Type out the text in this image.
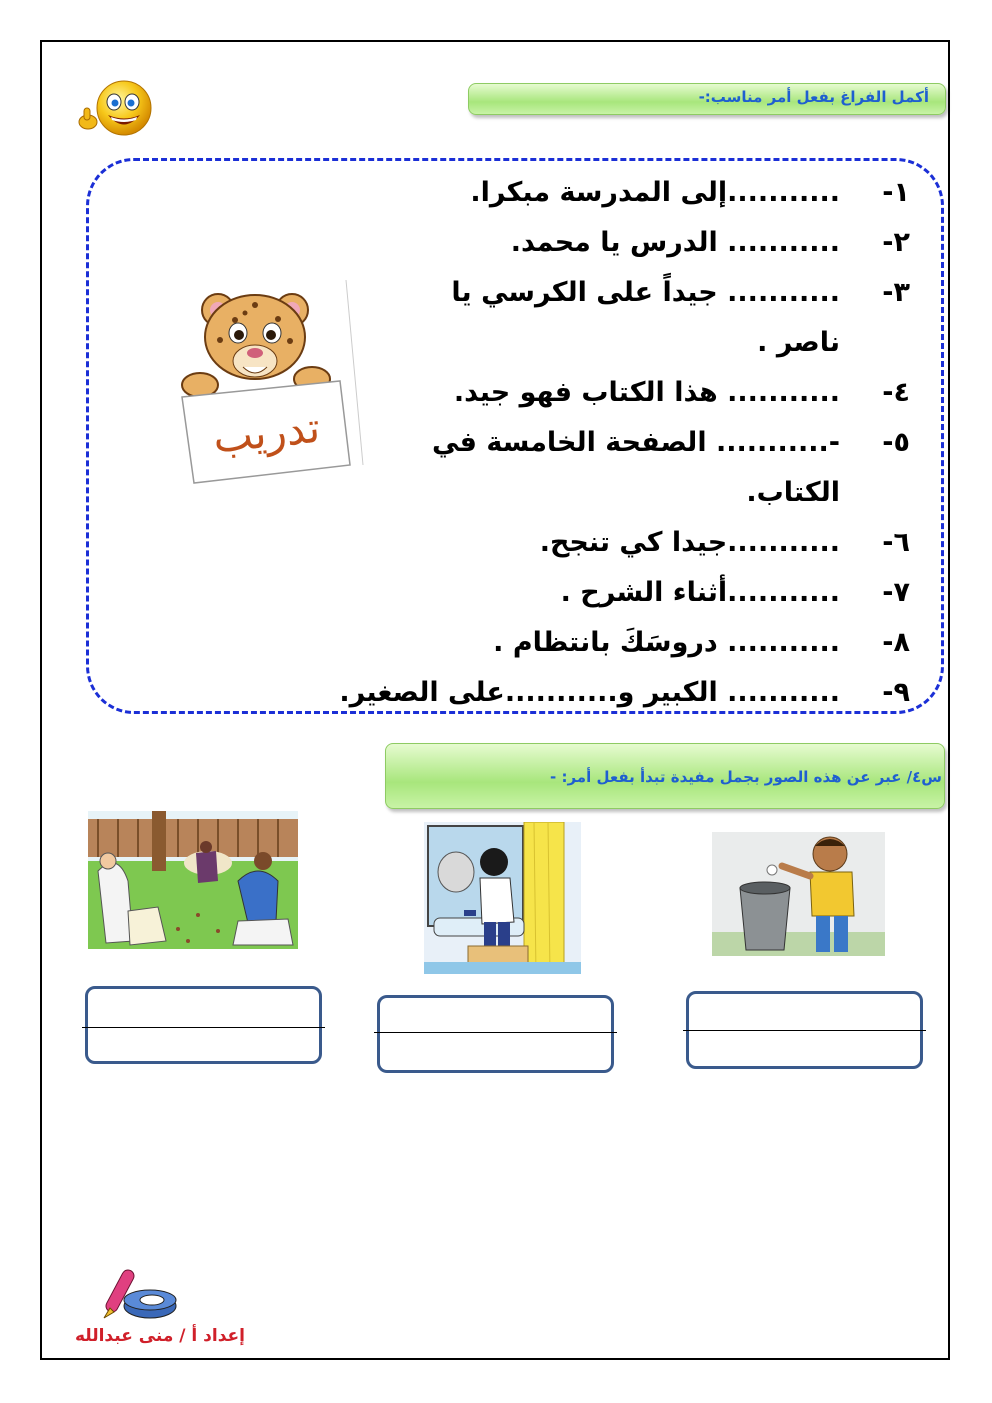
أكمل الفراغ بفعل أمر مناسب:-
تدريب
١-
...........إلى المدرسة مبكرا.
٢-
........... الدرس يا محمد.
٣-
........... جيداً على الكرسي يا ناصر .
٤-
........... هذا الكتاب فهو جيد.
٥-
-........... الصفحة الخامسة في الكتاب.
٦-
...........جيدا كي تنجح.
٧-
...........أثناء الشرح .
٨-
........... دروسَكَ بانتظام .
٩-
........... الكبير و...........على الصغير.
س٤/ عبر عن هذه الصور بجمل مفيدة تبدأ بفعل أمر: -
إعداد أ / منى عبدالله
